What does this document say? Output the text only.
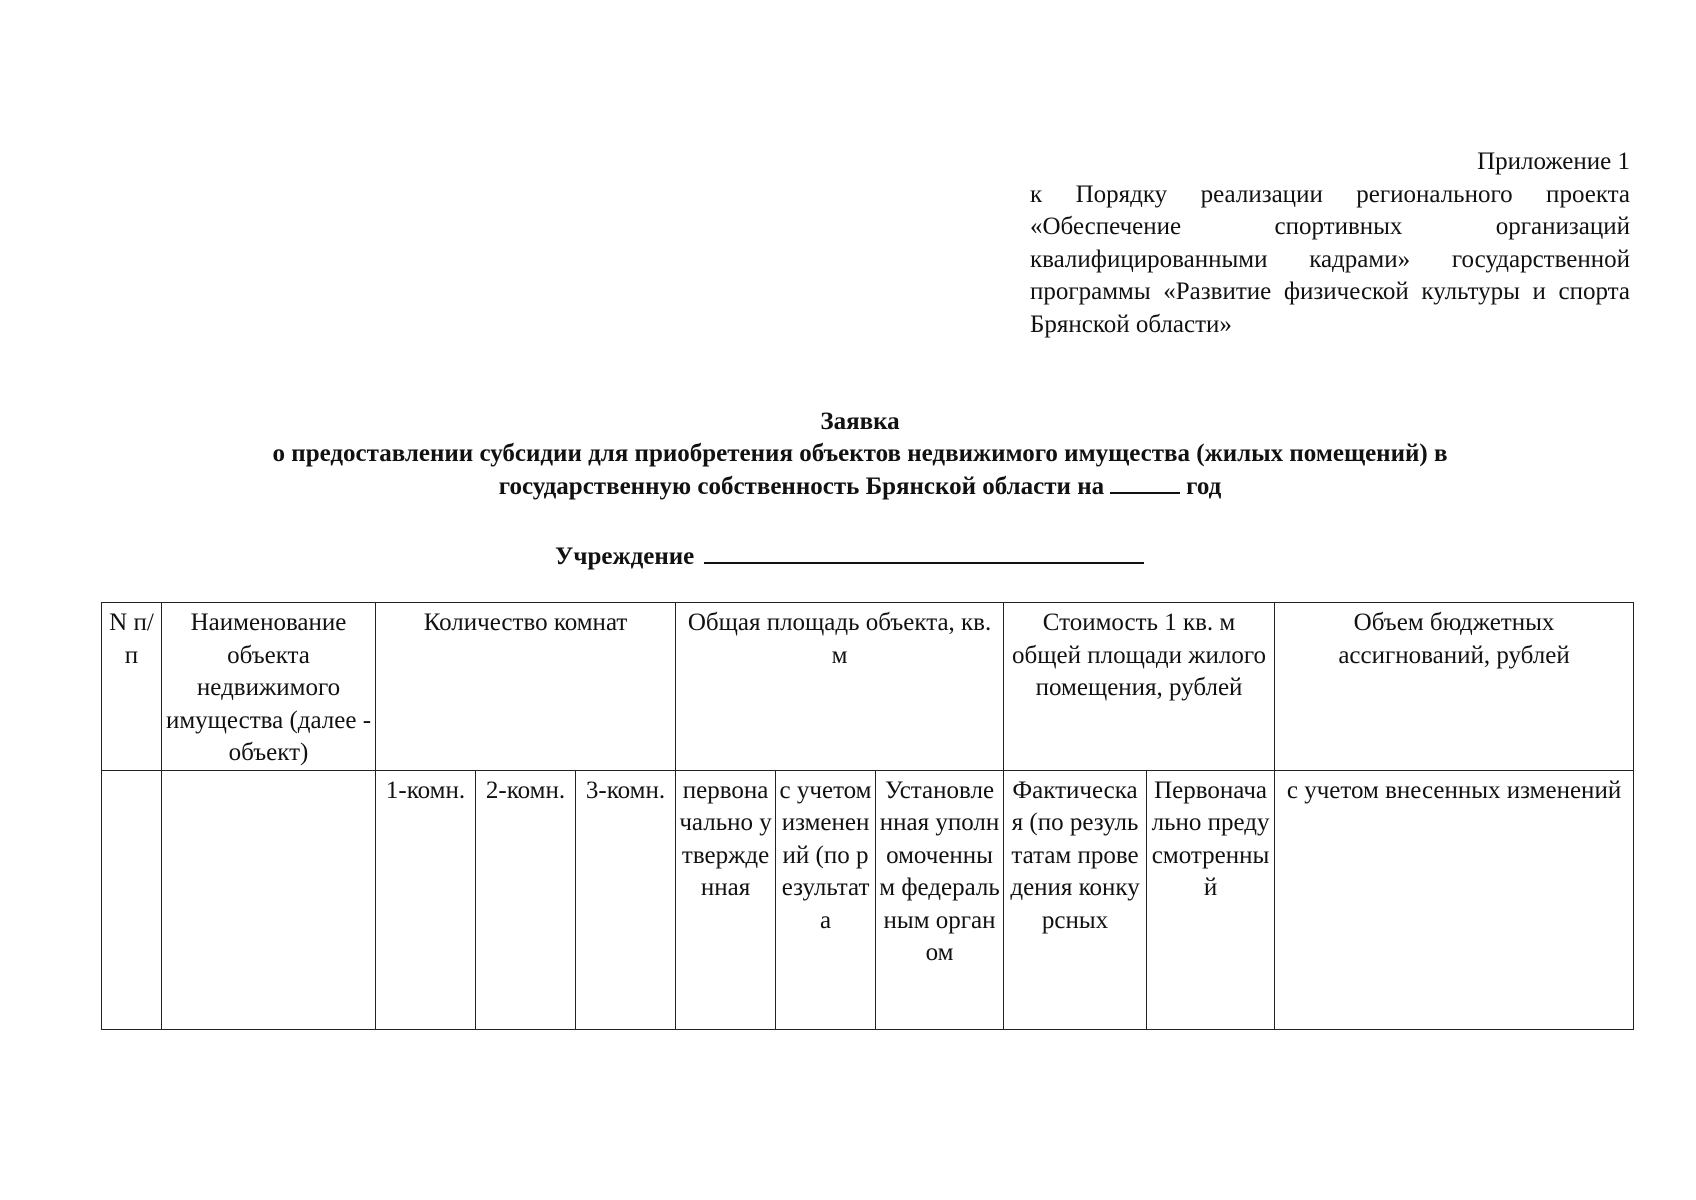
Приложение 1
к Порядку реализации регионального проекта «Обеспечение спортивных организаций квалифицированными кадрами» государственной программы «Развитие физической культуры и спорта Брянской области»
Заявка
о предоставлении субсидии для приобретения объектов недвижимого имущества (жилых помещений) в
государственную собственность Брянской области на	год
Учреждение
N п/п	Наименование объекта недвижимого имущества (далее - объект)	Количество комнат			Общая площадь объекта, кв. м			Стоимость 1 кв. м общей площади жилого помещения, рублей		Объем бюджетных ассигнований, рублей
		1-комн.	2-комн.	3-комн.	первоначально утвержденная	с учетом изменений (по результата	Установленная уполномоченным федеральным органом	Фактическая (по результатам проведения конкурсных	Первоначально предусмотренный	с учетом внесенных изменений
